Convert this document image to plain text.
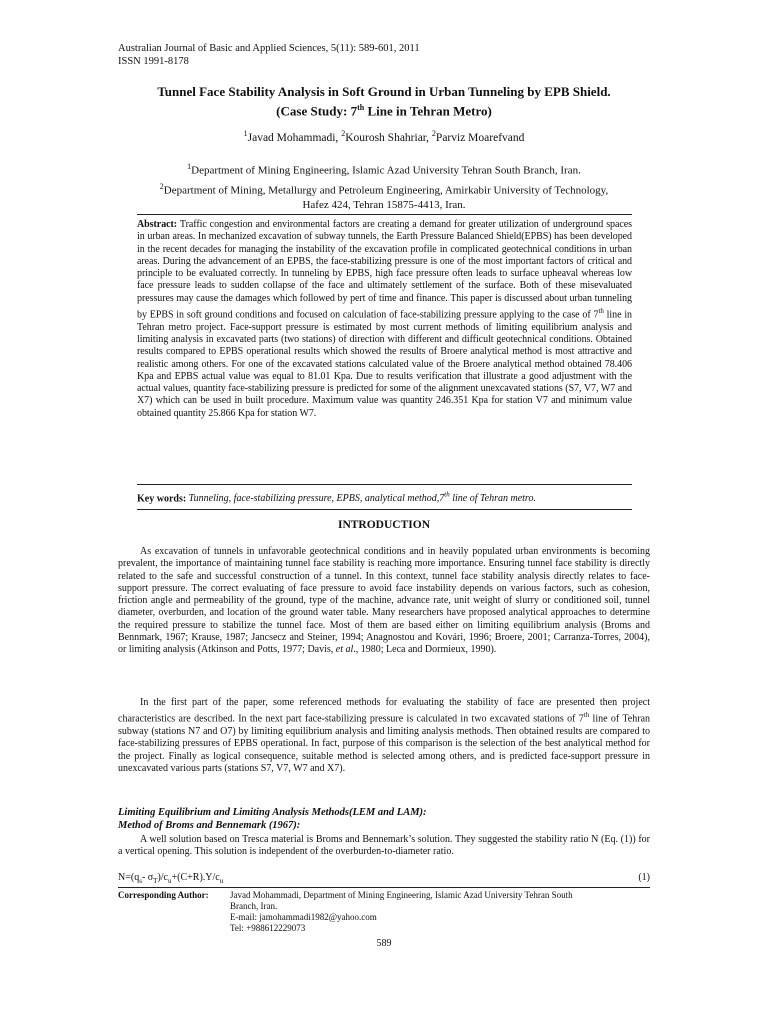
Australian Journal of Basic and Applied Sciences, 5(11): 589-601, 2011
ISSN 1991-8178
Tunnel Face Stability Analysis in Soft Ground in Urban Tunneling by EPB Shield.
(Case Study: 7th Line in Tehran Metro)
$^1$Javad Mohammadi, $^2$Kourosh Shahriar, $^2$Parviz Moarefvand
$^1$Department of Mining Engineering, Islamic Azad University Tehran South Branch, Iran.
$^2$Department of Mining, Metallurgy and Petroleum Engineering, Amirkabir University of Technology,
Hafez 424, Tehran 15875-4413, Iran.
Abstract: Traffic congestion and environmental factors are creating a demand for greater utilization of underground spaces in urban areas. In mechanized excavation of subway tunnels, the Earth Pressure Balanced Shield(EPBS) has been developed in the recent decades for managing the instability of the excavation profile in complicated geotechnical conditions in urban areas. During the advancement of an EPBS, the face-stabilizing pressure is one of the most important factors of critical and principle to be evaluated correctly. In tunneling by EPBS, high face pressure often leads to surface upheaval whereas low face pressure leads to sudden collapse of the face and ultimately settlement of the surface. Both of these misevaluated pressures may cause the damages which followed by pert of time and finance. This paper is discussed about urban tunneling by EPBS in soft ground conditions and focused on calculation of face-stabilizing pressure applying to the case of 7th line in Tehran metro project. Face-support pressure is estimated by most current methods of limiting equilibrium analysis and limiting analysis in excavated parts (two stations) of direction with different and difficult geotechnical conditions. Obtained results compared to EPBS operational results which showed the results of Broere analytical method is most attractive and realistic among others. For one of the excavated stations calculated value of the Broere analytical method obtained 78.406 Kpa and EPBS actual value was equal to 81.01 Kpa. Due to results verification that illustrate a good adjustment with the actual values, quantity face-stabilizing pressure is predicted for some of the alignment unexcavated stations (S7, V7, W7 and X7) which can be used in built procedure. Maximum value was quantity 246.351 Kpa for station V7 and minimum value obtained quantity 25.866 Kpa for station W7.
Key words: Tunneling, face-stabilizing pressure, EPBS, analytical method,7th line of Tehran metro.
INTRODUCTION
As excavation of tunnels in unfavorable geotechnical conditions and in heavily populated urban environments is becoming prevalent, the importance of maintaining tunnel face stability is reaching more importance. Ensuring tunnel face stability is directly related to the safe and successful construction of a tunnel. In this context, tunnel face stability analysis directly relates to face-support pressure. The correct evaluating of face pressure to avoid face instability depends on various factors, such as cohesion, friction angle and permeability of the ground, type of the machine, advance rate, unit weight of slurry or conditioned soil, tunnel diameter, overburden, and location of the ground water table. Many researchers have proposed analytical approaches to determine the required pressure to stabilize the tunnel face. Most of them are based either on limiting equilibrium analysis (Broms and Bennmark, 1967; Krause, 1987; Jancsecz and Steiner, 1994; Anagnostou and Kovári, 1996; Broere, 2001; Carranza-Torres, 2004), or limiting analysis (Atkinson and Potts, 1977; Davis, et al., 1980; Leca and Dormieux, 1990).
In the first part of the paper, some referenced methods for evaluating the stability of face are presented then project characteristics are described. In the next part face-stabilizing pressure is calculated in two excavated stations of 7th line of Tehran subway (stations N7 and O7) by limiting equilibrium analysis and limiting analysis methods. Then obtained results are compared to face-stabilizing pressures of EPBS operational. In fact, purpose of this comparison is the selection of the best analytical method for the project. Finally as logical consequence, suitable method is selected among others, and is predicted face-support pressure in unexcavated various parts (stations S7, V7, W7 and X7).
Limiting Equilibrium and Limiting Analysis Methods(LEM and LAM):
Method of Broms and Bennemark (1967):
A well solution based on Tresca material is Broms and Bennemark’s solution. They suggested the stability ratio N (Eq. (1)) for a vertical opening. This solution is independent of the overburden-to-diameter ratio.
$N=(q_s-$ $\sigma_T)/c_u+(C+R).Y/c_u$	(1)
Corresponding Author:	Javad Mohammadi, Department of Mining Engineering, Islamic Azad University Tehran South
Branch, Iran.
E-mail: jamohammadi1982@yahoo.com
Tel: +988612229073
589
